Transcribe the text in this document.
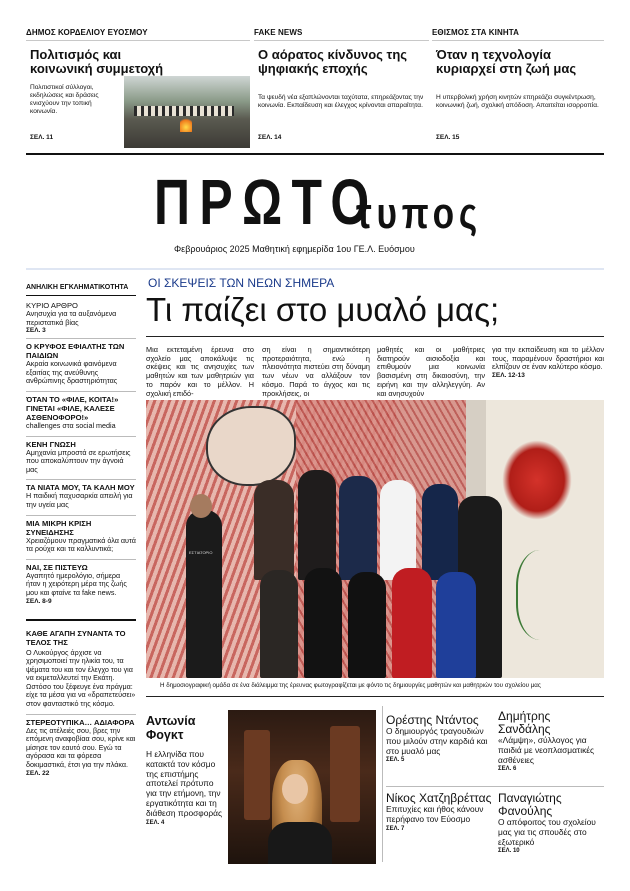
ΔΗΜΟΣ ΚΟΡΔΕΛΙΟΥ ΕΥΟΣΜΟΥ
Πολιτισμός και κοινωνική συμμετοχή
Πολιτιστικοί σύλλογοι, εκδηλώσεις και δράσεις ενισχύουν την τοπική κοινωνία.
ΣΕΛ. 11
FAKE NEWS
Ο αόρατος κίνδυνος της ψηφιακής εποχής
Τα ψευδή νέα εξαπλώνονται ταχύτατα, επηρεάζοντας την κοινωνία. Εκπαίδευση και έλεγχος κρίνονται απαραίτητα.
ΣΕΛ. 14
ΕΘΙΣΜΟΣ ΣΤΑ ΚΙΝΗΤΑ
Όταν η τεχνολογία κυριαρχεί στη ζωή μας
Η υπερβολική χρήση κινητών επηρεάζει συγκέντρωση, κοινωνική ζωή, σχολική απόδοση. Απαιτείται ισορροπία.
ΣΕΛ. 15
ΠΡΩΤΟ
τυπος
Φεβρουάριος 2025 Μαθητική εφημερίδα 1ου ΓΕ.Λ. Ευόσμου
ΑΝΗΛΙΚΗ ΕΓΚΛΗΜΑΤΙΚΟΤΗΤΑ
ΚΥΡΙΟ ΑΡΘΡΟ

Ανησυχία για τα αυξανόμενα περιστατικά βίας

ΣΕΛ. 3
Ο ΚΡΥΦΟΣ ΕΦΙΑΛΤΗΣ ΤΩΝ ΠΑΙΔΙΩΝ

Ακραία κοινωνικά φαινόμενα εξαιτίας της ανεύθυνης ανθρώπινης δραστηριότητας

ΌΤΑΝ ΤΟ «ΦΙΛΕ, ΚΟΙΤΑ!» ΓΙΝΕΤΑΙ «ΦΙΛΕ, ΚΑΛΕΣΕ ΑΣΘΕΝΟΦΟΡΟ!»

challenges στα social media

ΚΕΝΗ ΓΝΩΣΗ

Αμηχανία μπροστά σε ερωτήσεις που αποκαλύπτουν την άγνοιά μας

ΤΑ ΝΙΑΤΑ ΜΟΥ, ΤΑ ΚΑΛΗ ΜΟΥ

Η παιδική παχυσαρκία απειλή για την υγεία μας

ΜΙΑ ΜΙΚΡΗ ΚΡΙΣΗ ΣΥΝΕΙΔΗΣΗΣ

Χρειαζόμουν πραγματικά όλα αυτά τα ρούχα και τα καλλυντικά;

ΝΑΙ, ΣΕ ΠΙΣΤΕΥΩ

Αγαπητό ημερολόγιο, σήμερα ήταν η χειρότερη μέρα της ζωής μου και φταίνε τα fake news.

ΣΕΛ. 8-9
ΚΑΘΕ ΑΓΑΠΗ ΣΥΝΑΝΤΑ ΤΟ ΤΕΛΟΣ ΤΗΣ

Ο Λυκούργος άρχισε να χρησιμοποιεί την ηλικία του, τα ψέματα του και τον έλεγχο του για να εκμεταλλευτεί την Εκάτη. Ωστόσο του ξέφευγε ένα πράγμα: είχε τα μέσα για να «δραπετεύσει» στον φανταστικό της κόσμο.

ΣΤΕΡΕΟΤΥΠΙΚΑ… ΑΔΙΑΦΟΡΑ

Δες τις ατέλειές σου, βρες την επόμενη αναφοβίαα σου, κρίνε και μίσησε τον εαυτό σου. Εγώ τα αγόρασα και τα φόρεσα δοκιμαστικά, έτσι για την πλάκα.

ΣΕΛ. 22
ΟΙ ΣΚΕΨΕΙΣ ΤΩΝ ΝΕΩΝ ΣΗΜΕΡΑ
Τι παίζει στο μυαλό μας;
Μια εκτεταμένη έρευνα στο σχολείο μας αποκάλυψε τις σκέψεις και τις ανησυχίες των μαθητών και των μαθητριών για το παρόν και το μέλλον. Η σχολική επιδό-
ση είναι η σημαντικότερη προτεραιότητα, ενώ η πλειονότητα πιστεύει στη δύναμη των νέων να αλλάξουν τον κόσμο. Παρά το άγχος και τις προκλήσεις, οι
μαθητές και οι μαθήτριες διατηρούν αισιοδοξία και επιθυμούν μια κοινωνία βασισμένη στη δικαιοσύνη, την ειρήνη και την αλληλεγγύη. Αν και ανησυχούν
για την εκπαίδευση και το μέλλον τους, παραμένουν δραστήριοι και ελπίζουν σε έναν καλύτερο κόσμο.
ΣΕΛ. 12-13
ΕΣΤΙΑΤΟΡΙΟ
Η δημοσιογραφική ομάδα σε ένα διάλειμμα της έρευνας φωτογραφίζεται με φόντο τις δημιουργίες μαθητών και μαθητριών του σχολείου μας
Αντωνία Φογκτ

Η ελληνίδα που κατακτά τον κόσμο της επιστήμης αποτελεί πρότυπο για την ετήμονη, την εργατικότητα και τη διάθεση προσφοράς

ΣΕΛ. 4
Ορέστης Ντάντος

Ο δημιουργός τραγουδιών που μιλούν στην καρδιά και στο μυαλό μας

ΣΕΛ. 5
Δημήτρης Σανδάλης

«Λάμψη», σύλλογος για παιδιά με νεοπλασματικές ασθένειες

ΣΕΛ. 6
Νίκος Χατζηβρέττας

Επιτυχίες και ήθος κάνουν περήφανο τον Εύοσμο

ΣΕΛ. 7
Παναγιώτης Φανούλης

Ο απόφοιτος του σχολείου μας για τις σπουδές στο εξωτερικό

ΣΕΛ. 10
